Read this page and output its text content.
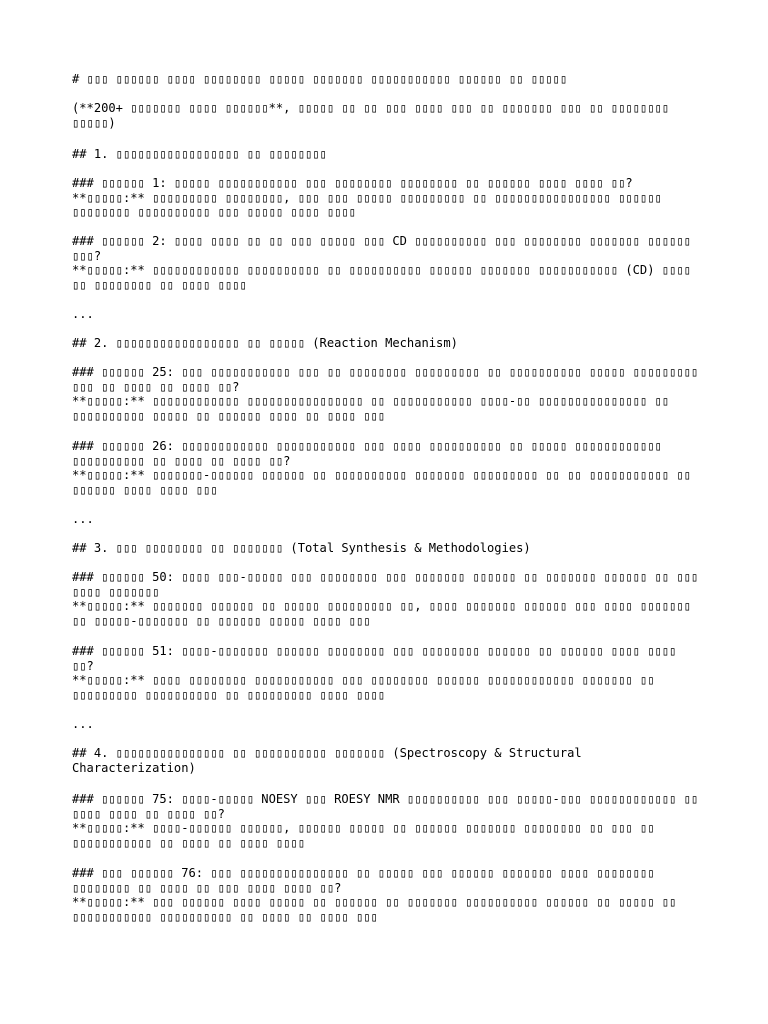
# ▯▯▯ ▯▯▯▯▯▯ ▯▯▯▯ ▯▯▯▯▯▯▯▯ ▯▯▯▯▯ ▯▯▯▯▯▯▯ ▯▯▯▯▯▯▯▯▯▯▯ ▯▯▯▯▯▯ ▯▯ ▯▯▯▯▯
(**200+ ▯▯▯▯▯▯▯ ▯▯▯▯ ▯▯▯▯▯▯**, ▯▯▯▯▯ ▯▯ ▯▯ ▯▯▯ ▯▯▯▯ ▯▯▯ ▯▯ ▯▯▯▯▯▯▯ ▯▯▯ ▯▯ ▯▯▯▯▯▯▯▯ ▯▯▯▯▯)
## 1. ▯▯▯▯▯▯▯▯▯▯▯▯▯▯▯▯▯ ▯▯ ▯▯▯▯▯▯▯▯
### ▯▯▯▯▯▯ 1: ▯▯▯▯▯ ▯▯▯▯▯▯▯▯▯▯▯ ▯▯▯ ▯▯▯▯▯▯▯▯ ▯▯▯▯▯▯▯▯ ▯▯ ▯▯▯▯▯▯ ▯▯▯▯ ▯▯▯▯ ▯▯?
**▯▯▯▯▯:** ▯▯▯▯▯▯▯▯▯ ▯▯▯▯▯▯▯▯, ▯▯▯ ▯▯▯ ▯▯▯▯▯ ▯▯▯▯▯▯▯▯▯ ▯▯ ▯▯▯▯▯▯▯▯▯▯▯▯▯▯▯▯ ▯▯▯▯▯▯ ▯▯▯▯▯▯▯▯ ▯▯▯▯▯▯▯▯▯▯ ▯▯▯ ▯▯▯▯▯ ▯▯▯▯ ▯▯▯▯
### ▯▯▯▯▯▯ 2: ▯▯▯▯ ▯▯▯▯ ▯▯ ▯▯ ▯▯▯ ▯▯▯▯▯ ▯▯▯ CD ▯▯▯▯▯▯▯▯▯▯ ▯▯▯ ▯▯▯▯▯▯▯▯ ▯▯▯▯▯▯▯ ▯▯▯▯▯▯ ▯▯▯?
**▯▯▯▯▯:** ▯▯▯▯▯▯▯▯▯▯▯▯ ▯▯▯▯▯▯▯▯▯▯ ▯▯ ▯▯▯▯▯▯▯▯▯▯ ▯▯▯▯▯▯ ▯▯▯▯▯▯▯ ▯▯▯▯▯▯▯▯▯▯▯ (CD) ▯▯▯▯ ▯▯ ▯▯▯▯▯▯▯▯ ▯▯ ▯▯▯▯ ▯▯▯▯
...
## 2. ▯▯▯▯▯▯▯▯▯▯▯▯▯▯▯▯▯ ▯▯ ▯▯▯▯▯ (Reaction Mechanism)
### ▯▯▯▯▯▯ 25: ▯▯▯ ▯▯▯▯▯▯▯▯▯▯▯ ▯▯▯ ▯▯ ▯▯▯▯▯▯▯▯ ▯▯▯▯▯▯▯▯▯ ▯▯ ▯▯▯▯▯▯▯▯▯▯ ▯▯▯▯▯ ▯▯▯▯▯▯▯▯▯ ▯▯▯ ▯▯ ▯▯▯▯ ▯▯ ▯▯▯▯ ▯▯?
**▯▯▯▯▯:** ▯▯▯▯▯▯▯▯▯▯▯▯ ▯▯▯▯▯▯▯▯▯▯▯▯▯▯▯▯ ▯▯ ▯▯▯▯▯▯▯▯▯▯▯ ▯▯▯▯-▯▯ ▯▯▯▯▯▯▯▯▯▯▯▯▯▯▯ ▯▯ ▯▯▯▯▯▯▯▯▯▯ ▯▯▯▯▯ ▯▯ ▯▯▯▯▯▯ ▯▯▯▯ ▯▯ ▯▯▯▯ ▯▯▯
### ▯▯▯▯▯▯ 26: ▯▯▯▯▯▯▯▯▯▯▯▯ ▯▯▯▯▯▯▯▯▯▯▯ ▯▯▯ ▯▯▯▯ ▯▯▯▯▯▯▯▯▯▯ ▯▯ ▯▯▯▯▯ ▯▯▯▯▯▯▯▯▯▯▯▯ ▯▯▯▯▯▯▯▯▯▯ ▯▯ ▯▯▯▯ ▯▯ ▯▯▯▯ ▯▯?
**▯▯▯▯▯:** ▯▯▯▯▯▯▯-▯▯▯▯▯▯ ▯▯▯▯▯▯ ▯▯ ▯▯▯▯▯▯▯▯▯▯ ▯▯▯▯▯▯▯ ▯▯▯▯▯▯▯▯▯ ▯▯ ▯▯ ▯▯▯▯▯▯▯▯▯▯▯ ▯▯ ▯▯▯▯▯▯ ▯▯▯▯ ▯▯▯▯ ▯▯▯
...
## 3. ▯▯▯ ▯▯▯▯▯▯▯▯ ▯▯ ▯▯▯▯▯▯▯ (Total Synthesis & Methodologies)
### ▯▯▯▯▯▯ 50: ▯▯▯▯ ▯▯▯-▯▯▯▯▯ ▯▯▯ ▯▯▯▯▯▯▯▯ ▯▯▯ ▯▯▯▯▯▯▯ ▯▯▯▯▯▯ ▯▯ ▯▯▯▯▯▯▯ ▯▯▯▯▯▯ ▯▯ ▯▯▯ ▯▯▯▯ ▯▯▯▯▯▯▯
**▯▯▯▯▯:** ▯▯▯▯▯▯▯ ▯▯▯▯▯▯ ▯▯ ▯▯▯▯▯ ▯▯▯▯▯▯▯▯▯ ▯▯, ▯▯▯▯ ▯▯▯▯▯▯▯ ▯▯▯▯▯▯ ▯▯▯ ▯▯▯▯ ▯▯▯▯▯▯▯ ▯▯ ▯▯▯▯▯-▯▯▯▯▯▯▯ ▯▯ ▯▯▯▯▯▯ ▯▯▯▯▯ ▯▯▯▯ ▯▯▯
### ▯▯▯▯▯▯ 51: ▯▯▯▯-▯▯▯▯▯▯▯ ▯▯▯▯▯▯ ▯▯▯▯▯▯▯▯ ▯▯▯ ▯▯▯▯▯▯▯▯ ▯▯▯▯▯▯ ▯▯ ▯▯▯▯▯▯ ▯▯▯▯ ▯▯▯▯ ▯▯?
**▯▯▯▯▯:** ▯▯▯▯ ▯▯▯▯▯▯▯▯ ▯▯▯▯▯▯▯▯▯▯▯ ▯▯▯ ▯▯▯▯▯▯▯▯ ▯▯▯▯▯▯ ▯▯▯▯▯▯▯▯▯▯▯▯ ▯▯▯▯▯▯▯ ▯▯ ▯▯▯▯▯▯▯▯▯ ▯▯▯▯▯▯▯▯▯▯ ▯▯ ▯▯▯▯▯▯▯▯▯ ▯▯▯▯ ▯▯▯▯
...
## 4. ▯▯▯▯▯▯▯▯▯▯▯▯▯▯▯ ▯▯ ▯▯▯▯▯▯▯▯▯▯ ▯▯▯▯▯▯▯ (Spectroscopy & Structural Characterization)
### ▯▯▯▯▯▯ 75: ▯▯▯▯-▯▯▯▯▯ NOESY ▯▯▯ ROESY NMR ▯▯▯▯▯▯▯▯▯▯ ▯▯▯ ▯▯▯▯▯-▯▯▯ ▯▯▯▯▯▯▯▯▯▯▯▯ ▯▯ ▯▯▯▯ ▯▯▯▯ ▯▯ ▯▯▯▯ ▯▯?
**▯▯▯▯▯:** ▯▯▯▯-▯▯▯▯▯▯ ▯▯▯▯▯▯, ▯▯▯▯▯▯ ▯▯▯▯▯ ▯▯ ▯▯▯▯▯▯ ▯▯▯▯▯▯▯ ▯▯▯▯▯▯▯▯ ▯▯ ▯▯▯ ▯▯ ▯▯▯▯▯▯▯▯▯▯▯ ▯▯ ▯▯▯▯ ▯▯ ▯▯▯▯ ▯▯▯▯
### ▯▯▯ ▯▯▯▯▯▯ 76: ▯▯▯ ▯▯▯▯▯▯▯▯▯▯▯▯▯▯▯ ▯▯ ▯▯▯▯▯ ▯▯▯ ▯▯▯▯▯▯ ▯▯▯▯▯▯▯ ▯▯▯▯ ▯▯▯▯▯▯▯▯ ▯▯▯▯▯▯▯▯ ▯▯ ▯▯▯▯ ▯▯ ▯▯▯ ▯▯▯▯ ▯▯▯▯ ▯▯?
**▯▯▯▯▯:** ▯▯▯ ▯▯▯▯▯▯ ▯▯▯▯ ▯▯▯▯▯ ▯▯ ▯▯▯▯▯▯ ▯▯ ▯▯▯▯▯▯▯ ▯▯▯▯▯▯▯▯▯▯ ▯▯▯▯▯▯ ▯▯ ▯▯▯▯▯ ▯▯ ▯▯▯▯▯▯▯▯▯▯▯ ▯▯▯▯▯▯▯▯▯▯ ▯▯ ▯▯▯▯ ▯▯ ▯▯▯▯ ▯▯▯
